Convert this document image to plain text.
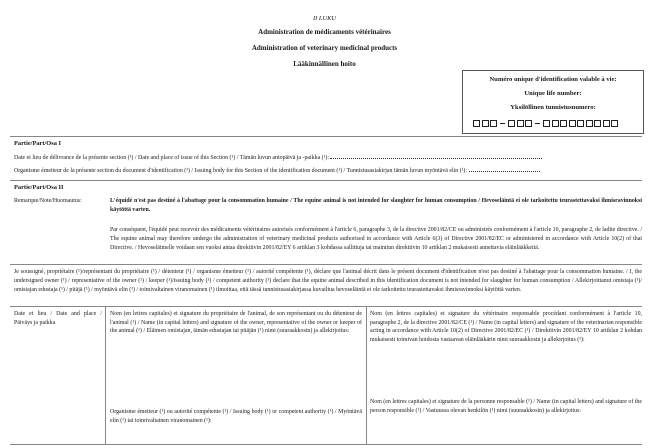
II LUKU
Administration de médicaments vétérinaires
Administration of veterinary medicinal products
Lääkinnällinen hoito
Numéro unique d'identification valable à vie:
Unique life number:
Yksilöllinen tunnistusnumero:
Partie/Part/Osa I
Date et lieu de délivrance de la présente section (¹) / Date and place of issue of this Section (¹) / Tämän luvun antopäivä ja -paikka (¹):
Organisme émetteur de la présente section du document d'identification (¹) / Issuing body for this Section of the identification document (¹) / Tunnistusasiakirjan tämän luvun myöntävä elin (¹):
Partie/Part/Osa II
Remarque/Note/Huomautus:	L'équidé n'est pas destiné à l'abattage pour la consommation humaine / The equine animal is not intended for slaughter for human consumption / Hevoseläintä ei ole tarkoitettu teurastettavaksi ihmisravinnoksi käytöttä varten.
Par conséquent, l'équidé peut recevoir des médicaments vétérinaires autorisés conformément à l'article 6, paragraphe 3, de la directive 2001/82/CE ou administrés conformément à l'article 10, paragraphe 2, de ladite directive. / The equine animal may therefore undergo the administration of veterinary medicinal products authorised in accordance with Article 6(3) of Directive 2001/82/EC or administered in accordance with Article 10(2) of that Directive. / Hevoseläimelle voidaan sen vuoksi antaa direktiivin 2001/82/EY 6 artiklan 3 kohdassa sallittuja tai mainitun direktiivin 10 artiklan 2 mukaisesti annettavia eläinlääkkeitä.
Je soussigné, propriétaire (¹)/représentant du propriétaire (¹) / détenteur (¹) / organisme émetteur (¹) / autorité compétente (¹), déclare que l'animal décrit dans le présent document d'identification n'est pas destiné à l'abattage pour la consommation humaine. / I, the undersigned owner (¹) / representative of the owner (¹) / keeper (¹)/issuing body (¹) / competent authority (¹) declare that the equine animal described in this identification document is not intended for slaughter for human consumption / Allekirjoittanut omistaja (¹)/ omistajan edustaja (¹) / pitäjä (¹) / myöntävä elin (¹) / toimivaltainen viranomainen (¹) ilmoittaa, että tässä tunnistusasiakirjassa kuvailtua hevoseläintä ei ole tarkoitettu teurastettavaksi ihmisravinnoksi käytöttä varten.
Date et lieu / Date and place / Päiväys ja paikka
Nom (en lettres capitales) et signature du propriétaire de l'animal, de son représentant ou du détenteur de l'animal (¹) / Name (in capital letters) and signature of the owner, representative of the owner or keeper of the animal (¹) / Eläimen omistajan, tämän edustajan tai pitäjän (¹) nimi (suuraakkosin) ja allekirjoitus:
Nom (en lettres capitales) et signature du vétérinaire responsable procédant conformément à l'article 10, paragraphe 2, de la directive 2001/82/CE (¹) / Name (in capital letters) and signature of the veterinarian responsible acting in accordance with Article 10(2) of Directive 2001/82/EC (¹) / Direktiivin 2001/82/EY 10 artiklan 2 kohdan mukaisesti toimivan hoidosta vastaavan eläinlääkärin nimi suuraakkosin ja allekirjoitus (¹):
Organisme émetteur (¹) ou autorité compétente (¹) / Issuing body (¹) or competent authority (¹) / Myöntävä elin (¹) tai toimivaltainen viranomainen (¹):
Nom (en lettres capitales) et signature de la personne responsable (¹) / Name (in capital letters) and signature of the person responsible (¹) / Vastuussa olevan henkilön (¹) nimi (suuraakkosin) ja allekirjoitus:
